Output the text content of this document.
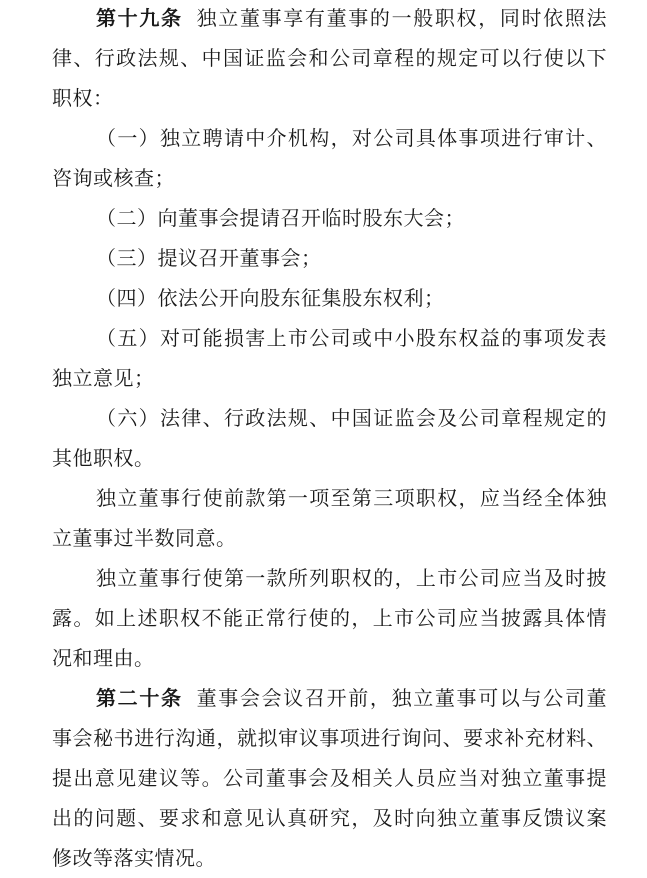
第十九条 独立董事享有董事的一般职权，同时依照法
律、行政法规、中国证监会和公司章程的规定可以行使以下
职权：
（一）独立聘请中介机构，对公司具体事项进行审计、
咨询或核查；
（二）向董事会提请召开临时股东大会；
（三）提议召开董事会；
（四）依法公开向股东征集股东权利；
（五）对可能损害上市公司或中小股东权益的事项发表
独立意见；
（六）法律、行政法规、中国证监会及公司章程规定的
其他职权。
独立董事行使前款第一项至第三项职权，应当经全体独
立董事过半数同意。
独立董事行使第一款所列职权的，上市公司应当及时披
露。如上述职权不能正常行使的，上市公司应当披露具体情
况和理由。
第二十条 董事会会议召开前，独立董事可以与公司董
事会秘书进行沟通，就拟审议事项进行询问、要求补充材料、
提出意见建议等。公司董事会及相关人员应当对独立董事提
出的问题、要求和意见认真研究，及时向独立董事反馈议案
修改等落实情况。
